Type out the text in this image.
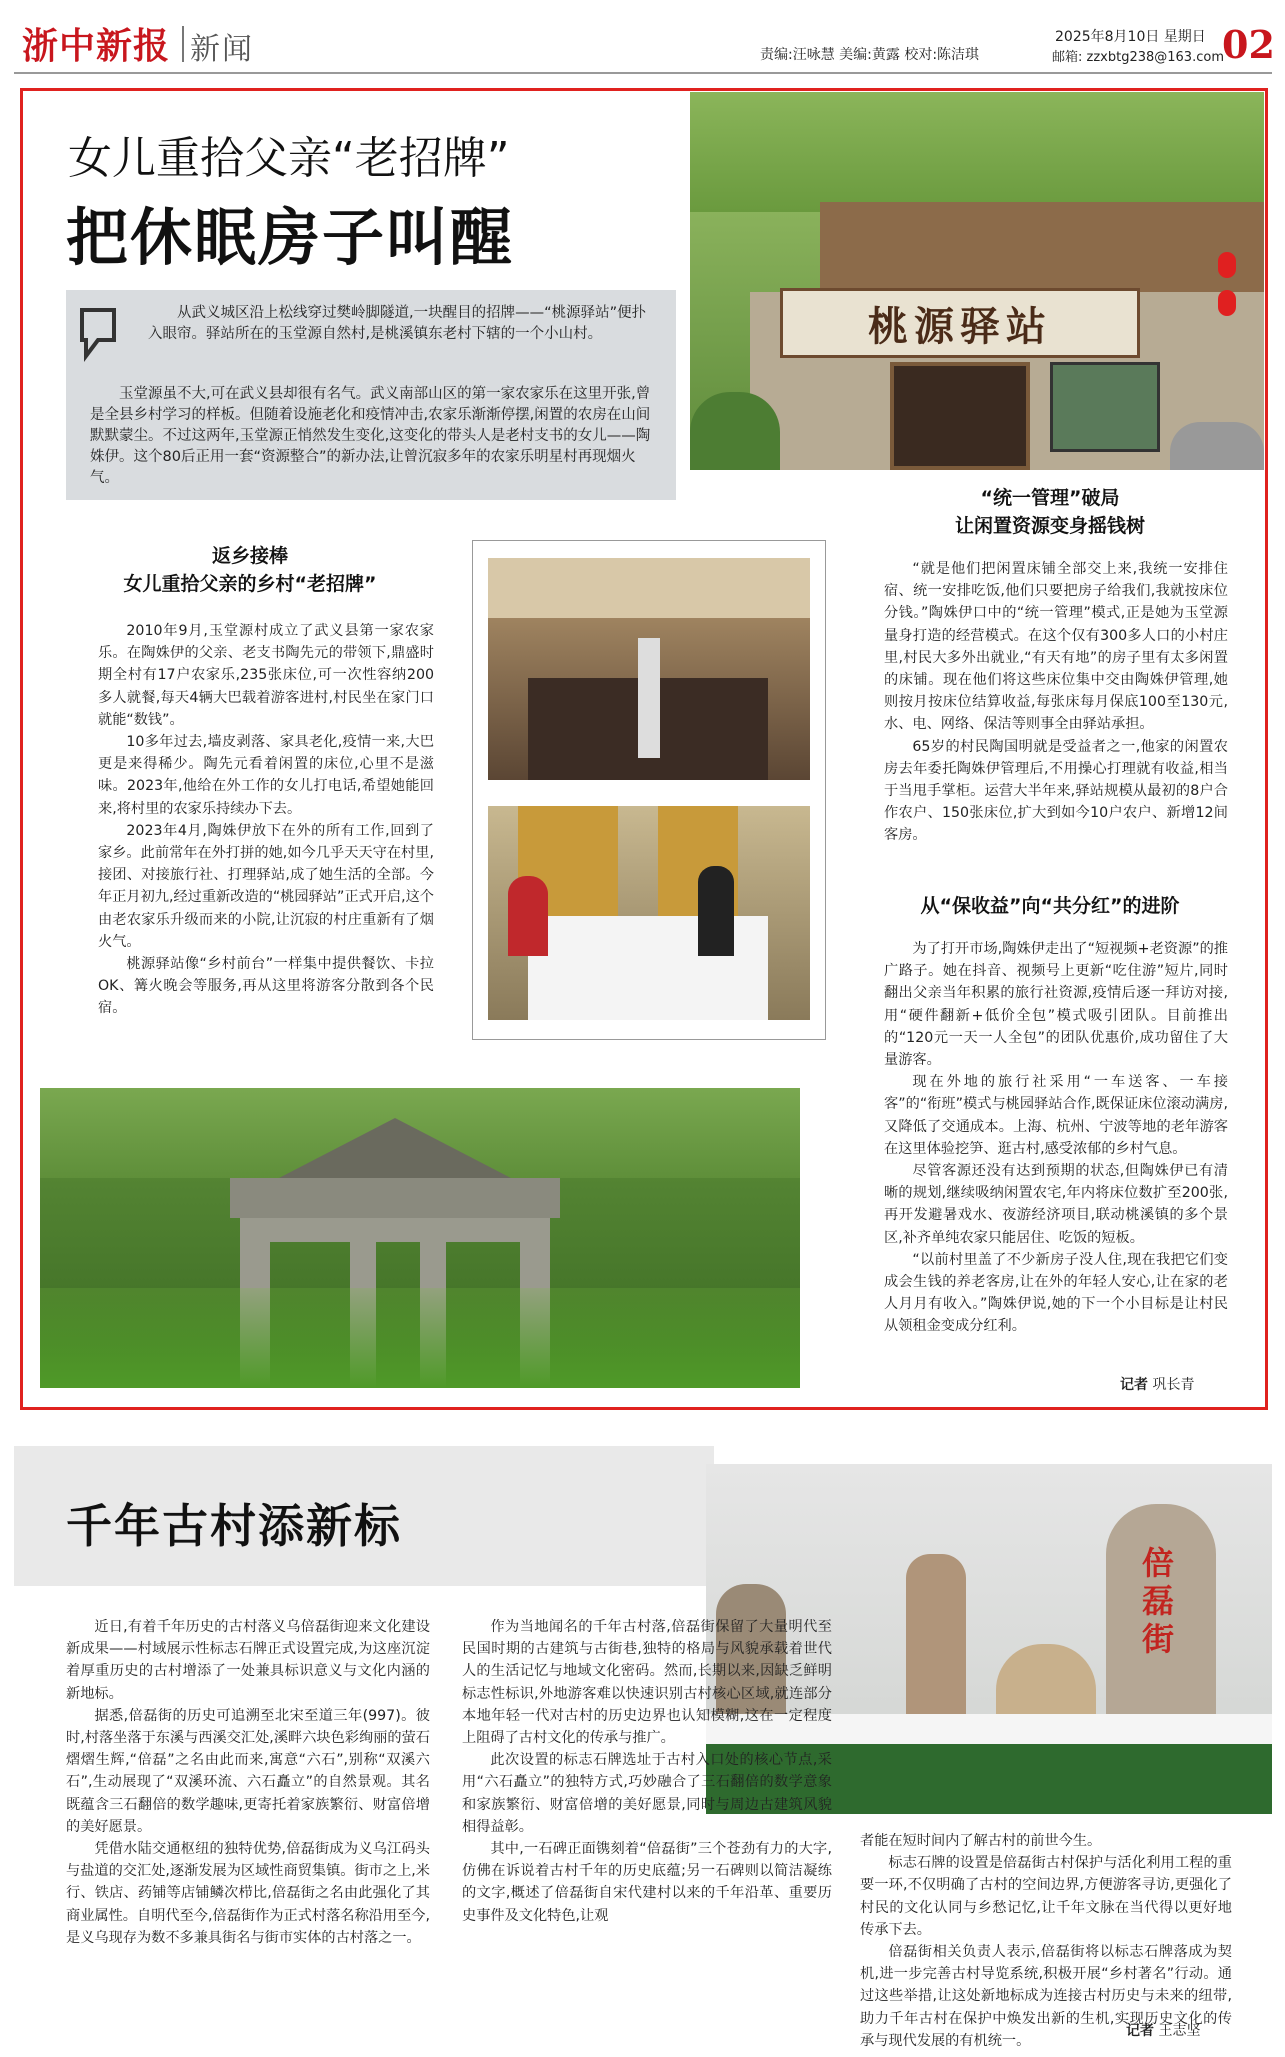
浙中新报 新闻	责编:汪咏慧 美编:黄露 校对:陈洁琪
2025年8月10日 星期日
邮箱: zzxbtg238@163.com
02
桃源驿站
女儿重拾父亲“老招牌”
把休眠房子叫醒
从武义城区沿上松线穿过樊岭脚隧道,一块醒目的招牌——“桃源驿站”便扑入眼帘。驿站所在的玉堂源自然村,是桃溪镇东老村下辖的一个小山村。
玉堂源虽不大,可在武义县却很有名气。武义南部山区的第一家农家乐在这里开张,曾是全县乡村学习的样板。但随着设施老化和疫情冲击,农家乐渐渐停摆,闲置的农房在山间默默蒙尘。不过这两年,玉堂源正悄然发生变化,这变化的带头人是老村支书的女儿——陶姝伊。这个80后正用一套“资源整合”的新办法,让曾沉寂多年的农家乐明星村再现烟火气。
返乡接棒
女儿重拾父亲的乡村“老招牌”

2010年9月,玉堂源村成立了武义县第一家农家乐。在陶姝伊的父亲、老支书陶先元的带领下,鼎盛时期全村有17户农家乐,235张床位,可一次性容纳200多人就餐,每天4辆大巴载着游客进村,村民坐在家门口就能“数钱”。

10多年过去,墙皮剥落、家具老化,疫情一来,大巴更是来得稀少。陶先元看着闲置的床位,心里不是滋味。2023年,他给在外工作的女儿打电话,希望她能回来,将村里的农家乐持续办下去。

2023年4月,陶姝伊放下在外的所有工作,回到了家乡。此前常年在外打拼的她,如今几乎天天守在村里,接团、对接旅行社、打理驿站,成了她生活的全部。今年正月初九,经过重新改造的“桃园驿站”正式开启,这个由老农家乐升级而来的小院,让沉寂的村庄重新有了烟火气。

桃源驿站像“乡村前台”一样集中提供餐饮、卡拉OK、篝火晚会等服务,再从这里将游客分散到各个民宿。

“统一管理”破局
让闲置资源变身摇钱树

“就是他们把闲置床铺全部交上来,我统一安排住宿、统一安排吃饭,他们只要把房子给我们,我就按床位分钱。”陶姝伊口中的“统一管理”模式,正是她为玉堂源量身打造的经营模式。在这个仅有300多人口的小村庄里,村民大多外出就业,“有天有地”的房子里有太多闲置的床铺。现在他们将这些床位集中交由陶姝伊管理,她则按月按床位结算收益,每张床每月保底100至130元,水、电、网络、保洁等则事全由驿站承担。

65岁的村民陶国明就是受益者之一,他家的闲置农房去年委托陶姝伊管理后,不用操心打理就有收益,相当于当甩手掌柜。运营大半年来,驿站规模从最初的8户合作农户、150张床位,扩大到如今10户农户、新增12间客房。

从“保收益”向“共分红”的进阶

为了打开市场,陶姝伊走出了“短视频+老资源”的推广路子。她在抖音、视频号上更新“吃住游”短片,同时翻出父亲当年积累的旅行社资源,疫情后逐一拜访对接,用“硬件翻新+低价全包”模式吸引团队。目前推出的“120元一天一人全包”的团队优惠价,成功留住了大量游客。

现在外地的旅行社采用“一车送客、一车接客”的“衔班”模式与桃园驿站合作,既保证床位滚动满房,又降低了交通成本。上海、杭州、宁波等地的老年游客在这里体验挖笋、逛古村,感受浓郁的乡村气息。

尽管客源还没有达到预期的状态,但陶姝伊已有清晰的规划,继续吸纳闲置农宅,年内将床位数扩至200张,再开发避暑戏水、夜游经济项目,联动桃溪镇的多个景区,补齐单纯农家只能居住、吃饭的短板。

“以前村里盖了不少新房子没人住,现在我把它们变成会生钱的养老客房,让在外的年轻人安心,让在家的老人月月有收入。”陶姝伊说,她的下一个小目标是让村民从领租金变成分红利。

记者 巩长青
千年古村添新标
倍磊街

近日,有着千年历史的古村落义乌倍磊街迎来文化建设新成果——村域展示性标志石牌正式设置完成,为这座沉淀着厚重历史的古村增添了一处兼具标识意义与文化内涵的新地标。

据悉,倍磊街的历史可追溯至北宋至道三年(997)。彼时,村落坐落于东溪与西溪交汇处,溪畔六块色彩绚丽的萤石熠熠生辉,“倍磊”之名由此而来,寓意“六石”,别称“双溪六石”,生动展现了“双溪环流、六石矗立”的自然景观。其名既蕴含三石翻倍的数学趣味,更寄托着家族繁衍、财富倍增的美好愿景。

凭借水陆交通枢纽的独特优势,倍磊街成为义乌江码头与盐道的交汇处,逐渐发展为区域性商贸集镇。街市之上,米行、铁店、药铺等店铺鳞次栉比,倍磊街之名由此强化了其商业属性。自明代至今,倍磊街作为正式村落名称沿用至今,是义乌现存为数不多兼具街名与街市实体的古村落之一。

作为当地闻名的千年古村落,倍磊街保留了大量明代至民国时期的古建筑与古街巷,独特的格局与风貌承载着世代人的生活记忆与地域文化密码。然而,长期以来,因缺乏鲜明标志性标识,外地游客难以快速识别古村核心区域,就连部分本地年轻一代对古村的历史边界也认知模糊,这在一定程度上阻碍了古村文化的传承与推广。

此次设置的标志石牌选址于古村入口处的核心节点,采用“六石矗立”的独特方式,巧妙融合了三石翻倍的数学意象和家族繁衍、财富倍增的美好愿景,同时与周边古建筑风貌相得益彰。

其中,一石碑正面镌刻着“倍磊街”三个苍劲有力的大字,仿佛在诉说着古村千年的历史底蕴;另一石碑则以简洁凝练的文字,概述了倍磊街自宋代建村以来的千年沿革、重要历史事件及文化特色,让观

者能在短时间内了解古村的前世今生。

标志石牌的设置是倍磊街古村保护与活化利用工程的重要一环,不仅明确了古村的空间边界,方便游客寻访,更强化了村民的文化认同与乡愁记忆,让千年文脉在当代得以更好地传承下去。

倍磊街相关负责人表示,倍磊街将以标志石牌落成为契机,进一步完善古村导览系统,积极开展“乡村著名”行动。通过这些举措,让这处新地标成为连接古村历史与未来的纽带,助力千年古村在保护中焕发出新的生机,实现历史文化的传承与现代发展的有机统一。

记者 王志坚
